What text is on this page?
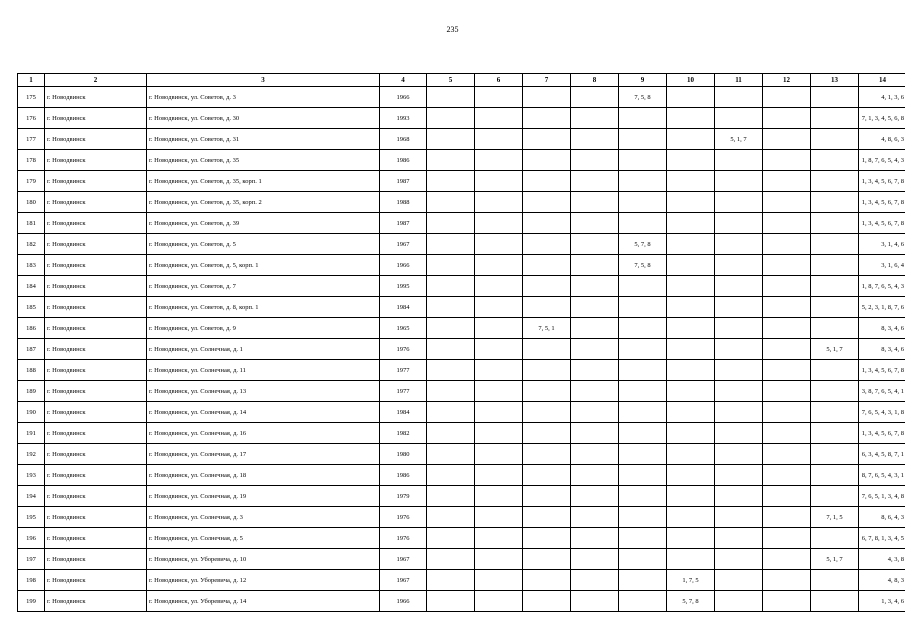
235
1	2	3	4	5	6	7	8	9	10	11	12	13	14
175	г. Новодвинск	г. Новодвинск, ул. Советов, д. 3	1966					7, 5, 8					4, 1, 3, 6
176	г. Новодвинск	г. Новодвинск, ул. Советов, д. 30	1993										7, 1, 3, 4, 5, 6, 8
177	г. Новодвинск	г. Новодвинск, ул. Советов, д. 31	1968							5, 1, 7			4, 8, 6, 3
178	г. Новодвинск	г. Новодвинск, ул. Советов, д. 35	1986										1, 8, 7, 6, 5, 4, 3
179	г. Новодвинск	г. Новодвинск, ул. Советов, д. 35, корп. 1	1987										1, 3, 4, 5, 6, 7, 8
180	г. Новодвинск	г. Новодвинск, ул. Советов, д. 35, корп. 2	1988										1, 3, 4, 5, 6, 7, 8
181	г. Новодвинск	г. Новодвинск, ул. Советов, д. 39	1987										1, 3, 4, 5, 6, 7, 8
182	г. Новодвинск	г. Новодвинск, ул. Советов, д. 5	1967					5, 7, 8					3, 1, 4, 6
183	г. Новодвинск	г. Новодвинск, ул. Советов, д. 5, корп. 1	1966					7, 5, 8					3, 1, 6, 4
184	г. Новодвинск	г. Новодвинск, ул. Советов, д. 7	1995										1, 8, 7, 6, 5, 4, 3
185	г. Новодвинск	г. Новодвинск, ул. Советов, д. 8, корп. 1	1984										5, 2, 3, 1, 8, 7, 6
186	г. Новодвинск	г. Новодвинск, ул. Советов, д. 9	1965			7, 5, 1							8, 3, 4, 6
187	г. Новодвинск	г. Новодвинск, ул. Солнечная, д. 1	1976									5, 1, 7	8, 3, 4, 6
188	г. Новодвинск	г. Новодвинск, ул. Солнечная, д. 11	1977										1, 3, 4, 5, 6, 7, 8
189	г. Новодвинск	г. Новодвинск, ул. Солнечная, д. 13	1977										3, 8, 7, 6, 5, 4, 1
190	г. Новодвинск	г. Новодвинск, ул. Солнечная, д. 14	1984										7, 6, 5, 4, 3, 1, 8
191	г. Новодвинск	г. Новодвинск, ул. Солнечная, д. 16	1982										1, 3, 4, 5, 6, 7, 8
192	г. Новодвинск	г. Новодвинск, ул. Солнечная, д. 17	1980										6, 3, 4, 5, 8, 7, 1
193	г. Новодвинск	г. Новодвинск, ул. Солнечная, д. 18	1986										8, 7, 6, 5, 4, 3, 1
194	г. Новодвинск	г. Новодвинск, ул. Солнечная, д. 19	1979										7, 6, 5, 1, 3, 4, 8
195	г. Новодвинск	г. Новодвинск, ул. Солнечная, д. 3	1976									7, 1, 5	8, 6, 4, 3
196	г. Новодвинск	г. Новодвинск, ул. Солнечная, д. 5	1976										6, 7, 8, 1, 3, 4, 5
197	г. Новодвинск	г. Новодвинск, ул. Уборевича, д. 10	1967									5, 1, 7	4, 3, 8
198	г. Новодвинск	г. Новодвинск, ул. Уборевича, д. 12	1967						1, 7, 5				4, 8, 3
199	г. Новодвинск	г. Новодвинск, ул. Уборевича, д. 14	1966						5, 7, 8				1, 3, 4, 6
